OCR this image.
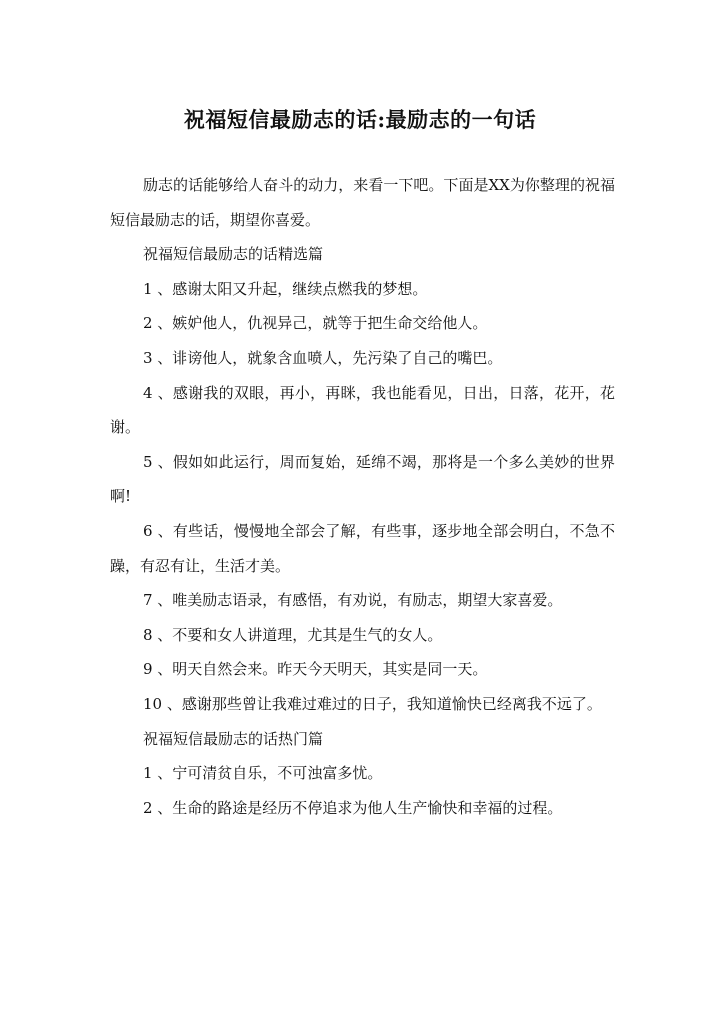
祝福短信最励志的话:最励志的一句话

励志的话能够给人奋斗的动力，来看一下吧。下面是XX为你整理的祝福短信最励志的话，期望你喜爱。

祝福短信最励志的话精选篇

1 、感谢太阳又升起，继续点燃我的梦想。

2 、嫉妒他人，仇视异己，就等于把生命交给他人。

3 、诽谤他人，就象含血喷人，先污染了自己的嘴巴。

4 、感谢我的双眼，再小，再眯，我也能看见，日出，日落，花开，花谢。

5 、假如如此运行，周而复始，延绵不竭，那将是一个多么美妙的世界啊!

6 、有些话，慢慢地全部会了解，有些事，逐步地全部会明白，不急不躁，有忍有让，生活才美。

7 、唯美励志语录，有感悟，有劝说，有励志，期望大家喜爱。

8 、不要和女人讲道理，尤其是生气的女人。

9 、明天自然会来。昨天今天明天，其实是同一天。

10 、感谢那些曾让我难过难过的日子，我知道愉快已经离我不远了。

祝福短信最励志的话热门篇

1 、宁可清贫自乐，不可浊富多忧。

2 、生命的路途是经历不停追求为他人生产愉快和幸福的过程。
